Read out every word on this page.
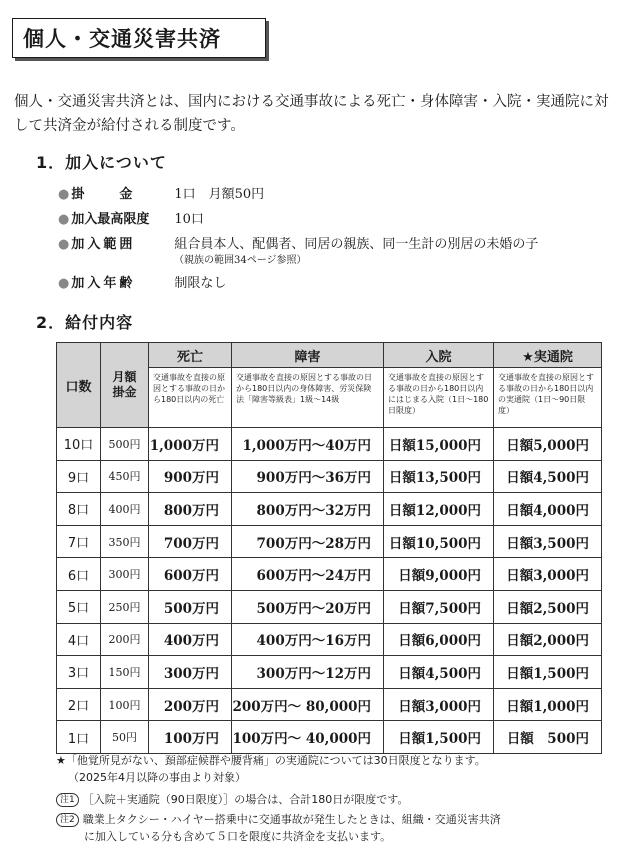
個人・交通災害共済
個人・交通災害共済とは、国内における交通事故による死亡・身体障害・入院・実通院に対して共済金が給付される制度です。
1．加入について
● 掛　　金	1口　月額50円
● 加入最高限度	10口
● 加入範囲	組合員本人、配偶者、同居の親族、同一生計の別居の未婚の子
（親族の範囲34ページ参照）
● 加入年齢	制限なし
2．給付内容
口数	月額掛金	死亡	障害	入院	★実通院
		交通事故を直接の原因とする事故の日から180日以内の死亡	交通事故を直接の原因とする事故の日から180日以内の身体障害、労災保険法「障害等級表」1級～14級	交通事故を直接の原因とする事故の日から180日以内にはじまる入院（1日～180日限度）	交通事故を直接の原因とする事故の日から180日以内の実通院（1日～90日限度）
10口	500円	1,000万円	1,000万円～40万円	日額15,000円	日額5,000円
9口	450円	900万円	900万円～36万円	日額13,500円	日額4,500円
8口	400円	800万円	800万円～32万円	日額12,000円	日額4,000円
7口	350円	700万円	700万円～28万円	日額10,500円	日額3,500円
6口	300円	600万円	600万円～24万円	日額9,000円	日額3,000円
5口	250円	500万円	500万円～20万円	日額7,500円	日額2,500円
4口	200円	400万円	400万円～16万円	日額6,000円	日額2,000円
3口	150円	300万円	300万円～12万円	日額4,500円	日額1,500円
2口	100円	200万円	200万円～ 80,000円	日額3,000円	日額1,000円
1口	50円	100万円	100万円～ 40,000円	日額1,500円	日額　500円
★「他覚所見がない、頚部症候群や腰背痛」の実通院については30日限度となります。
（2025年4月以降の事由より対象）
注1 ［入院＋実通院（90日限度）］の場合は、合計180日が限度です。
注2 職業上タクシー・ハイヤー搭乗中に交通事故が発生したときは、組織・交通災害共済
に加入している分も含めて５口を限度に共済金を支払います。
